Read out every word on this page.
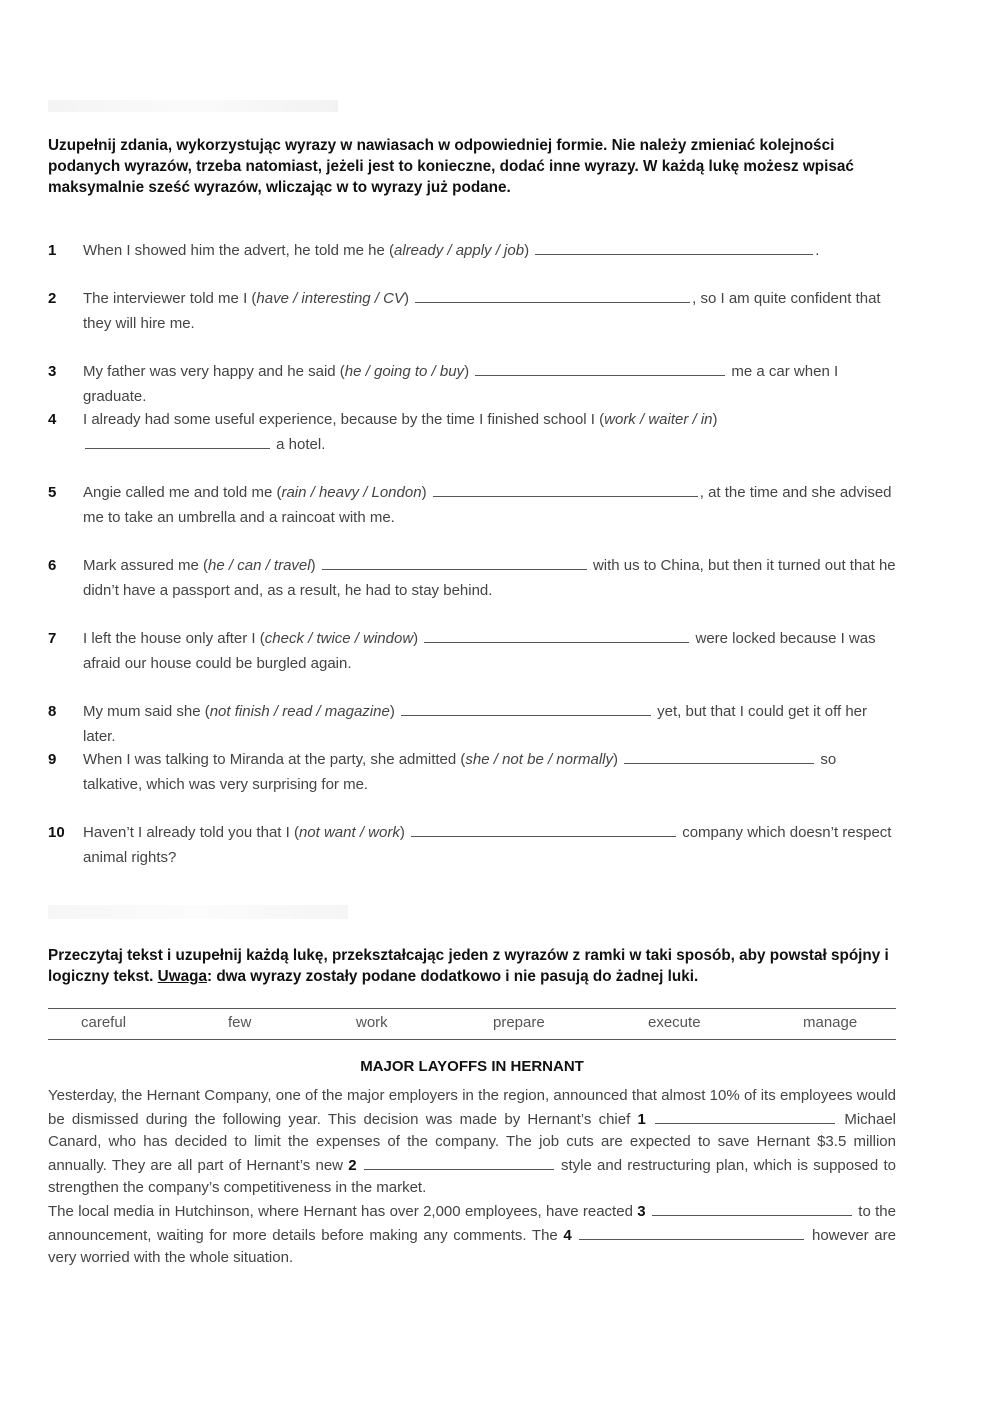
Uzupełnij zdania, wykorzystując wyrazy w nawiasach w odpowiedniej formie. Nie należy zmieniać kolejności podanych wyrazów, trzeba natomiast, jeżeli jest to konieczne, dodać inne wyrazy. W każdą lukę możesz wpisać maksymalnie sześć wyrazów, wliczając w to wyrazy już podane.
1	When I showed him the advert, he told me he (already / apply / job)	.
2	The interviewer told me I (have / interesting / CV)	, so I am quite confident that they will hire me.
3	My father was very happy and he said (he / going to / buy)	me a car when I graduate.
4	I already had some useful experience, because by the time I finished school I (work / waiter / in)  a hotel.
5	Angie called me and told me (rain / heavy / London)	, at the time and she advised me to take an umbrella and a raincoat with me.
6	Mark assured me (he / can / travel)	with us to China, but then it turned out that he didn’t have a passport and, as a result, he had to stay behind.
7	I left the house only after I (check / twice / window)	were locked because I was afraid our house could be burgled again.
8	My mum said she (not finish / read / magazine)	yet, but that I could get it off her later.
9	When I was talking to Miranda at the party, she admitted (she / not be / normally)	so talkative, which was very surprising for me.
10	Haven’t I already told you that I (not want / work)	company which doesn’t respect animal rights?
Przeczytaj tekst i uzupełnij każdą lukę, przekształcając jeden z wyrazów z ramki w taki sposób, aby powstał spójny i logiczny tekst. Uwaga: dwa wyrazy zostały podane dodatkowo i nie pasują do żadnej luki.
careful	few	work	prepare	execute	manage
MAJOR LAYOFFS IN HERNANT
Yesterday, the Hernant Company, one of the major employers in the region, announced that almost 10% of its employees would be dismissed during the following year. This decision was made by Hernant’s chief 1	Michael Canard, who has decided to limit the expenses of the company. The job cuts are expected to save Hernant $3.5 million annually. They are all part of Hernant’s new 2	style and restructuring plan, which is supposed to strengthen the company’s competitiveness in the market.
The local media in Hutchinson, where Hernant has over 2,000 employees, have reacted 3	to the announcement, waiting for more details before making any comments. The 4	however are very worried with the whole situation.
